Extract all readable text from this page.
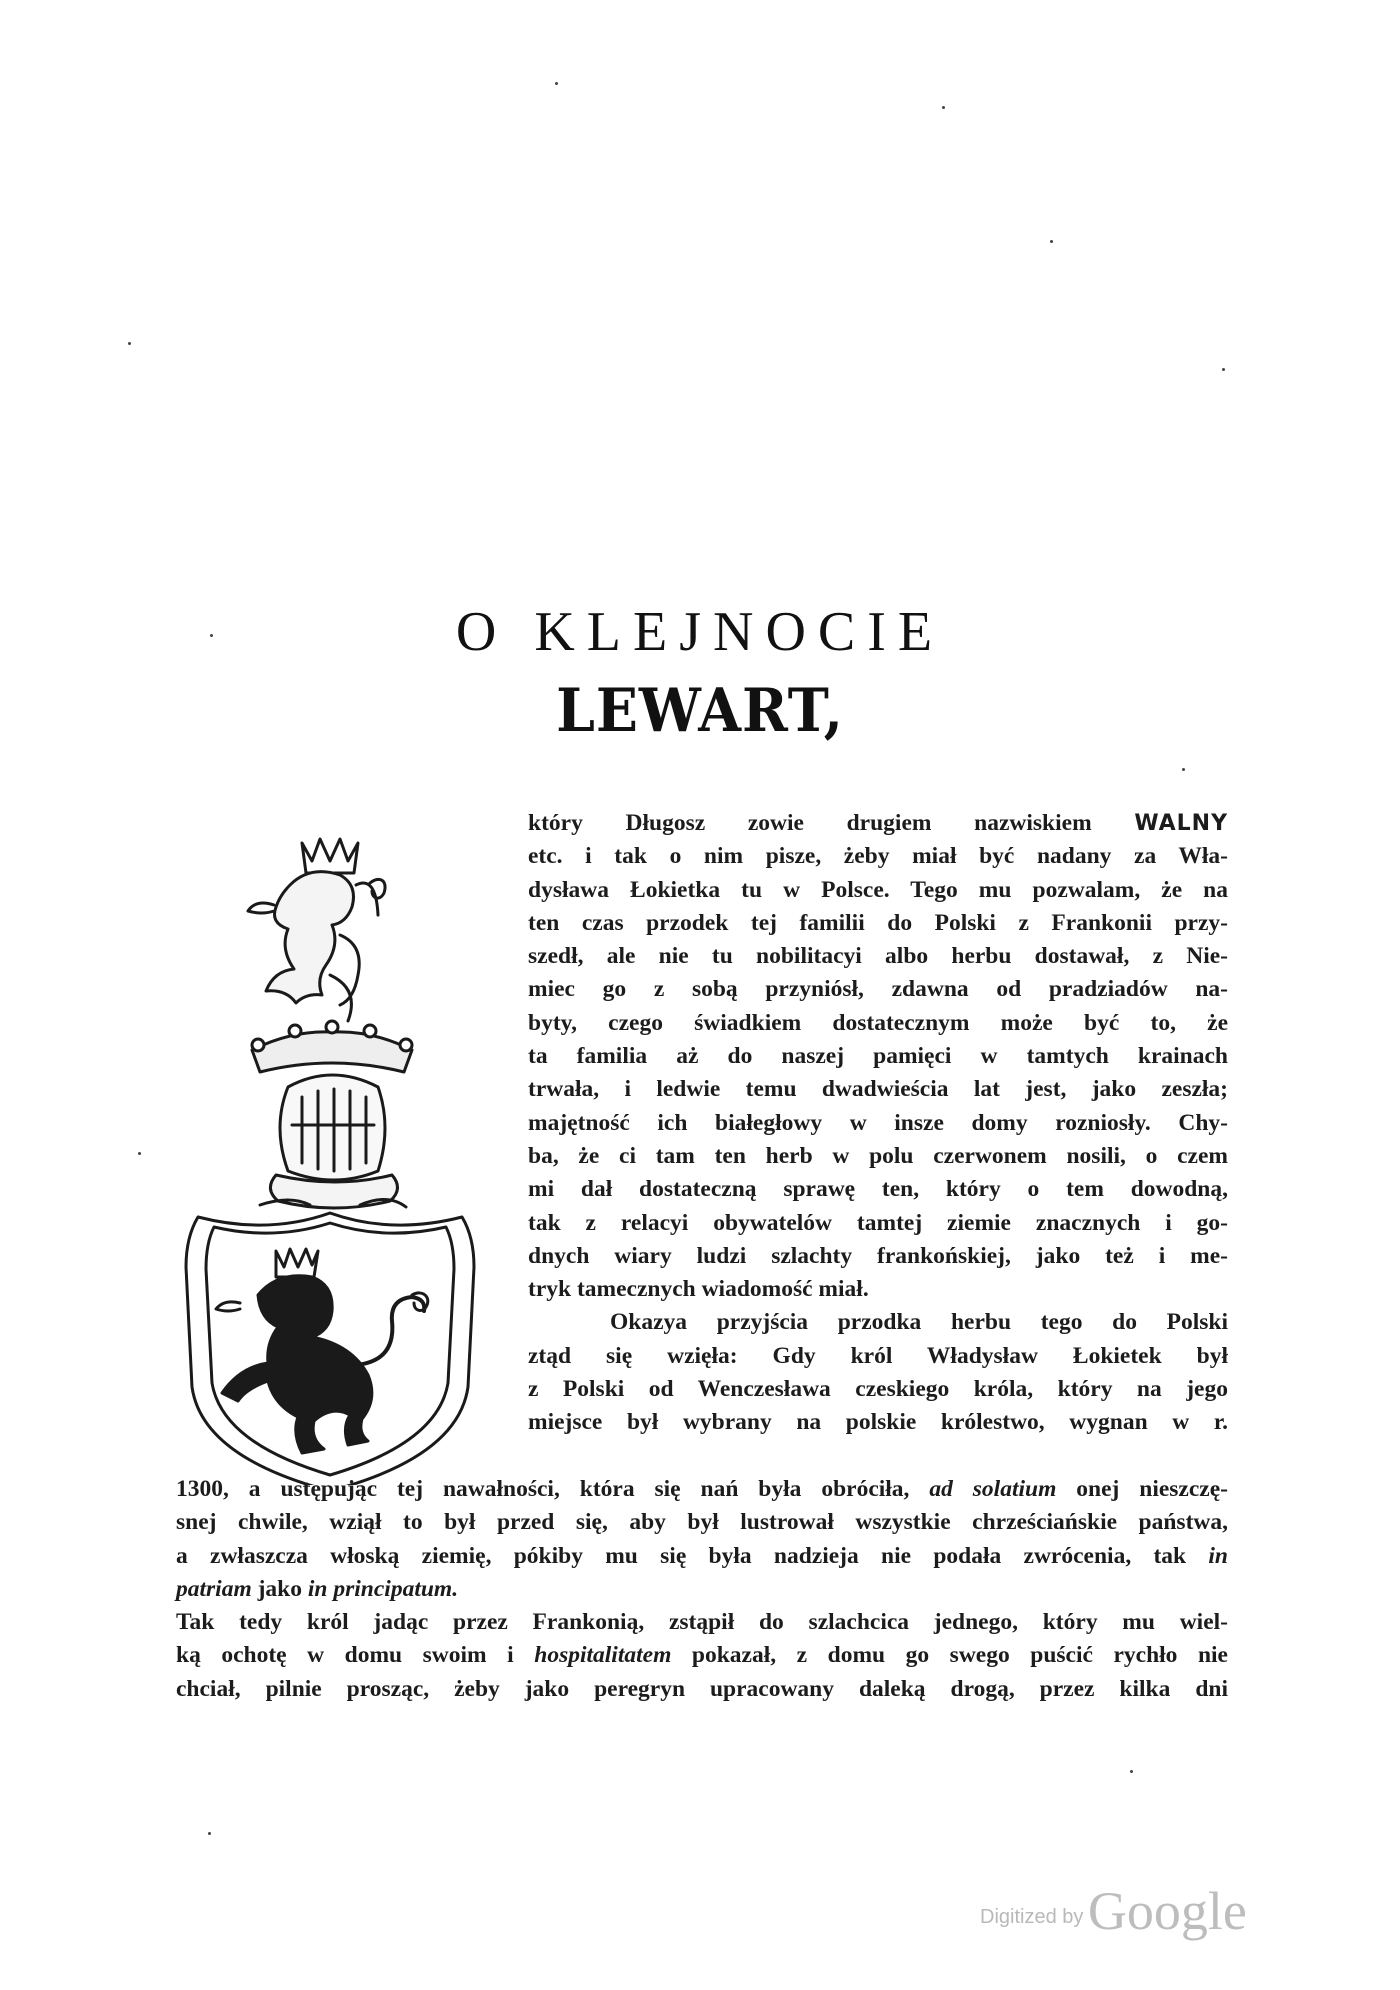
O KLEJNOCIE
LEWART,
który Długosz zowie drugiem nazwiskiem WALNY
etc. i tak o nim pisze, żeby miał być nadany za Wła-
dysława Łokietka tu w Polsce. Tego mu pozwalam, że na
ten czas przodek tej familii do Polski z Frankonii przy-
szedł, ale nie tu nobilitacyi albo herbu dostawał, z Nie-
miec go z sobą przyniósł, zdawna od pradziadów na-
byty, czego świadkiem dostatecznym może być to, że
ta familia aż do naszej pamięci w tamtych krainach
trwała, i ledwie temu dwadwieścia lat jest, jako zeszła;
majętność ich białegłowy w insze domy rozniosły. Chy-
ba, że ci tam ten herb w polu czerwonem nosili, o czem
mi dał dostateczną sprawę ten, który o tem dowodną,
tak z relacyi obywatelów tamtej ziemie znacznych i go-
dnych wiary ludzi szlachty frankońskiej, jako też i me-
tryk tamecznych wiadomość miał.
Okazya przyjścia przodka herbu tego do Polski
ztąd się wzięła: Gdy król Władysław Łokietek był
z Polski od Wenczesława czeskiego króla, który na jego
miejsce był wybrany na polskie królestwo, wygnan w r.
1300, a ustępując tej nawałności, która się nań była obróciła, ad solatium onej nieszczę-
snej chwile, wziął to był przed się, aby był lustrował wszystkie chrześciańskie państwa,
a zwłaszcza włoską ziemię, pókiby mu się była nadzieja nie podała zwrócenia, tak in
patriam jako in principatum.
Tak tedy król jadąc przez Frankonią, zstąpił do szlachcica jednego, który mu wiel-
ką ochotę w domu swoim i hospitalitatem pokazał, z domu go swego puścić rychło nie
chciał, pilnie prosząc, żeby jako peregryn upracowany daleką drogą, przez kilka dni
Digitized by Google
